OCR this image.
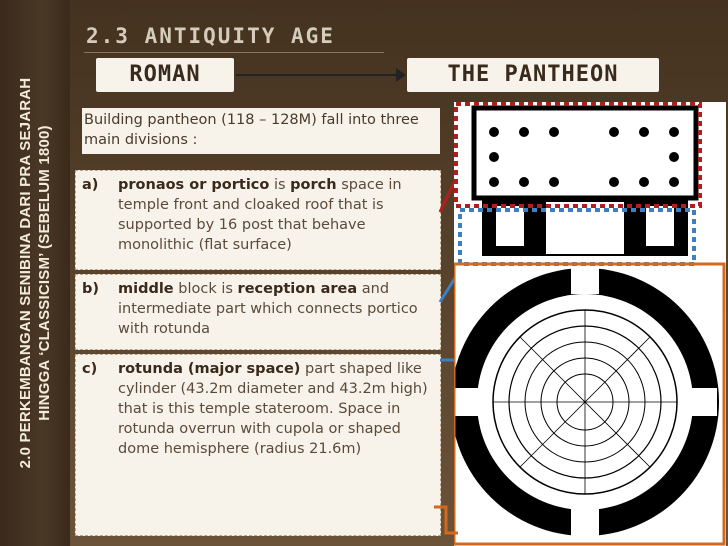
2.0 PERKEMBANGAN SENIBINA DARI PRA SEJARAH HINGGA ‘CLASSICISM’ (SEBELUM 1800)
2.3 ANTIQUITY AGE
ROMAN	THE PANTHEON
Building pantheon (118 – 128M) fall into three main divisions :
a) pronaos or portico is porch space in temple front and cloaked roof that is supported by 16 post that behave monolithic (flat surface)
b) middle block is reception area and intermediate part which connects portico with rotunda
c) rotunda (major space) part shaped like cylinder (43.2m diameter and 43.2m high) that is this temple stateroom. Space in rotunda overrun with cupola or shaped dome hemisphere (radius 21.6m)
